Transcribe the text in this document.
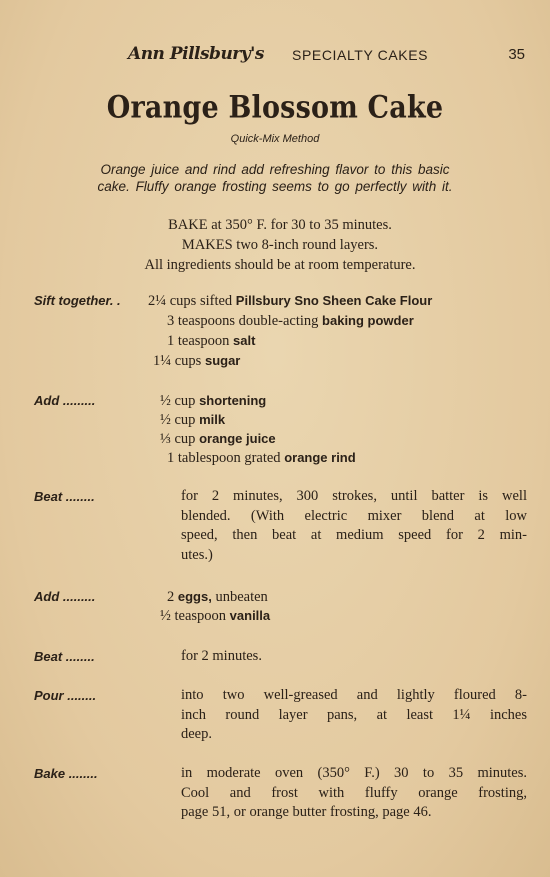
Ann Pillsbury's SPECIALTY CAKES	35
Orange Blossom Cake
Quick-Mix Method
Orange juice and rind add refreshing flavor to this basic
cake. Fluffy orange frosting seems to go perfectly with it.
BAKE at 350° F. for 30 to 35 minutes.
MAKES two 8-inch round layers.
All ingredients should be at room temperature.
Sift together. . 2¼ cups sifted Pillsbury Sno Sheen Cake Flour
3 teaspoons double-acting baking powder
1 teaspoon salt
1¼ cups sugar
Add .........	½ cup shortening
½ cup milk
⅓ cup orange juice
1 tablespoon grated orange rind
Beat ........	for 2 minutes, 300 strokes, until batter is well
blended. (With electric mixer blend at low
speed, then beat at medium speed for 2 min-
utes.)
Add .........	2 eggs, unbeaten
½ teaspoon vanilla
Beat ........	for 2 minutes.
Pour ........	into two well-greased and lightly floured 8-
inch round layer pans, at least 1¼ inches
deep.
Bake ........	in moderate oven (350° F.) 30 to 35 minutes.
Cool and frost with fluffy orange frosting,
page 51, or orange butter frosting, page 46.
